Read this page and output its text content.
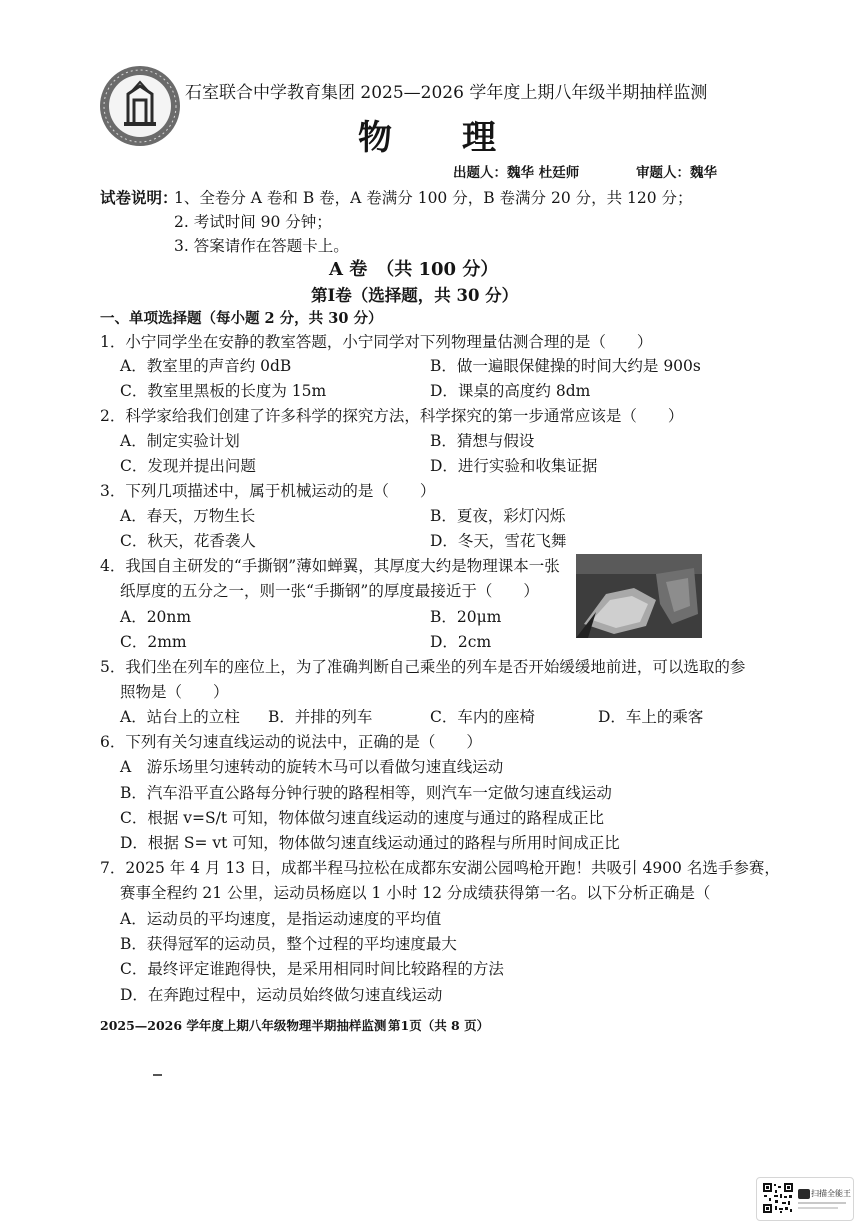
石室联合中学教育集团 2025—2026 学年度上期八年级半期抽样监测
物　理
出题人：魏华 杜廷师	审题人：魏华
试卷说明：
1、全卷分 A 卷和 B 卷，A 卷满分 100 分，B 卷满分 20 分，共 120 分；
2. 考试时间 90 分钟；
3. 答案请作在答题卡上。
A 卷　（共 100 分）
第Ⅰ卷（选择题，共 30 分）
一、单项选择题（每小题 2 分，共 30 分）
1．小宁同学坐在安静的教室答题，小宁同学对下列物理量估测合理的是（　　）
A．教室里的声音约 0dB	B．做一遍眼保健操的时间大约是 900s
C．教室里黑板的长度为 15m	D．课桌的高度约 8dm
2．科学家给我们创建了许多科学的探究方法，科学探究的第一步通常应该是（　　）
A．制定实验计划	B．猜想与假设
C．发现并提出问题	D．进行实验和收集证据
3．下列几项描述中，属于机械运动的是（　　）
A．春天，万物生长	B．夏夜，彩灯闪烁
C．秋天，花香袭人	D．冬天，雪花飞舞
4．我国自主研发的“手撕钢”薄如蝉翼，其厚度大约是物理课本一张
纸厚度的五分之一，则一张“手撕钢”的厚度最接近于（　　）
A．20nm	B．20μm
C．2mm	D．2cm
5．我们坐在列车的座位上，为了准确判断自己乘坐的列车是否开始缓缓地前进，可以选取的参
照物是（　　）
A．站台上的立柱 B．并排的列车	C．车内的座椅	D．车上的乘客
6．下列有关匀速直线运动的说法中，正确的是（　　）
A　游乐场里匀速转动的旋转木马可以看做匀速直线运动
B．汽车沿平直公路每分钟行驶的路程相等，则汽车一定做匀速直线运动
C．根据 v=S/t 可知，物体做匀速直线运动的速度与通过的路程成正比
D．根据 S= vt 可知，物体做匀速直线运动通过的路程与所用时间成正比
7．2025 年 4 月 13 日，成都半程马拉松在成都东安湖公园鸣枪开跑！共吸引 4900 名选手参赛，
赛事全程约 21 公里，运动员杨庭以 1 小时 12 分成绩获得第一名。以下分析正确是（
A．运动员的平均速度，是指运动速度的平均值
B．获得冠军的运动员，整个过程的平均速度最大
C．最终评定谁跑得快，是采用相同时间比较路程的方法
D．在奔跑过程中，运动员始终做匀速直线运动
2025—2026 学年度上期八年级物理半期抽样监测 第1页（共 8 页）
扫描全能王
